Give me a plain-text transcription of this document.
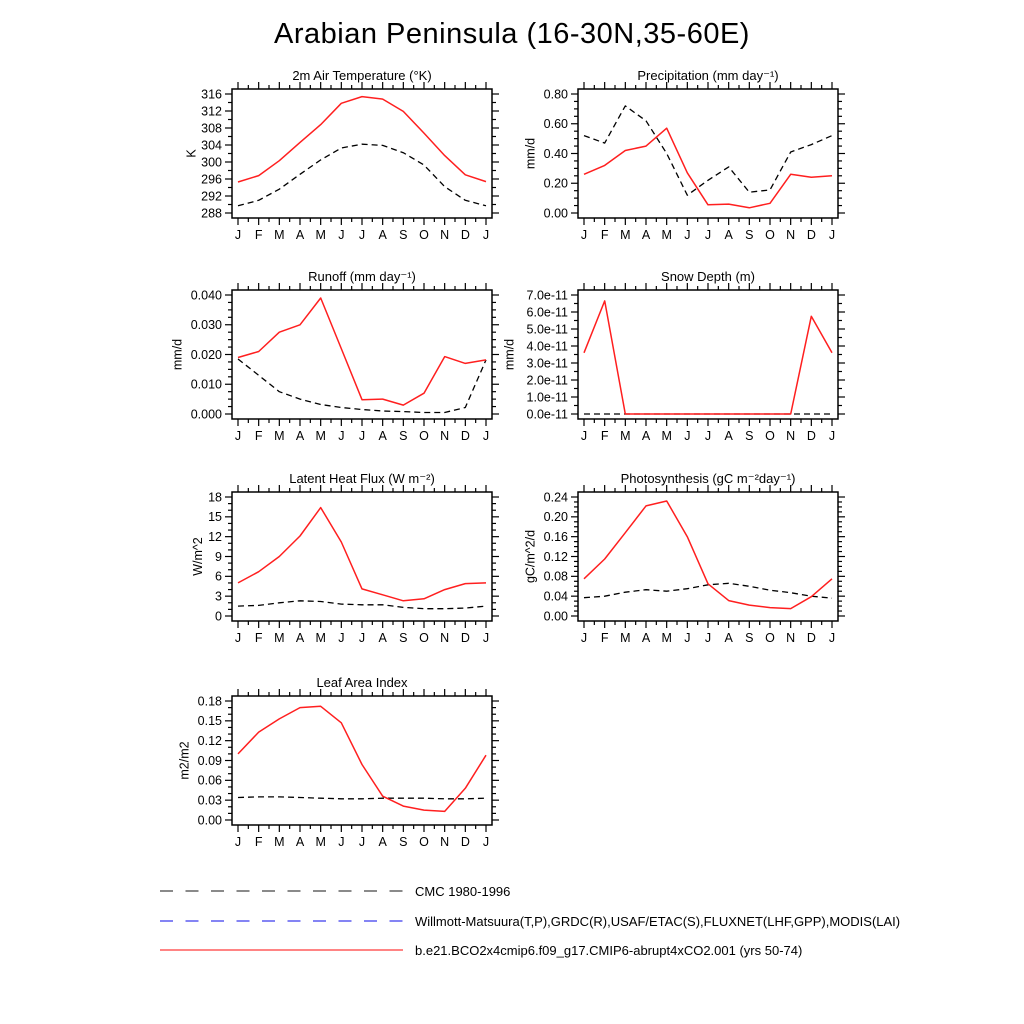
Arabian Peninsula (16-30N,35-60E)
2m Air Temperature (°K)
K
288
292
296
300
304
308
312
316
J F M A M J J A S O N D J
Precipitation (mm day⁻¹)
mm/d
0.00
0.20
0.40
0.60
0.80
J F M A M J J A S O N D J
Runoff (mm day⁻¹)
mm/d
0.000
0.010
0.020
0.030
0.040
J F M A M J J A S O N D J
Snow Depth (m)
mm/d
0.0e-11
1.0e-11
2.0e-11
3.0e-11
4.0e-11
5.0e-11
6.0e-11
7.0e-11
J F M A M J J A S O N D J
Latent Heat Flux (W m⁻²)
W/m^2
0
3
6
9
12
15
18
J F M A M J J A S O N D J
Photosynthesis (gC m⁻²day⁻¹)
gC/m^2/d
0.00
0.04
0.08
0.12
0.16
0.20
0.24
J F M A M J J A S O N D J
Leaf Area Index
m2/m2
0.00
0.03
0.06
0.09
0.12
0.15
0.18
J F M A M J J A S O N D J
CMC 1980-1996
Willmott-Matsuura(T,P),GRDC(R),USAF/ETAC(S),FLUXNET(LHF,GPP),MODIS(LAI)
b.e21.BCO2x4cmip6.f09_g17.CMIP6-abrupt4xCO2.001 (yrs 50-74)
